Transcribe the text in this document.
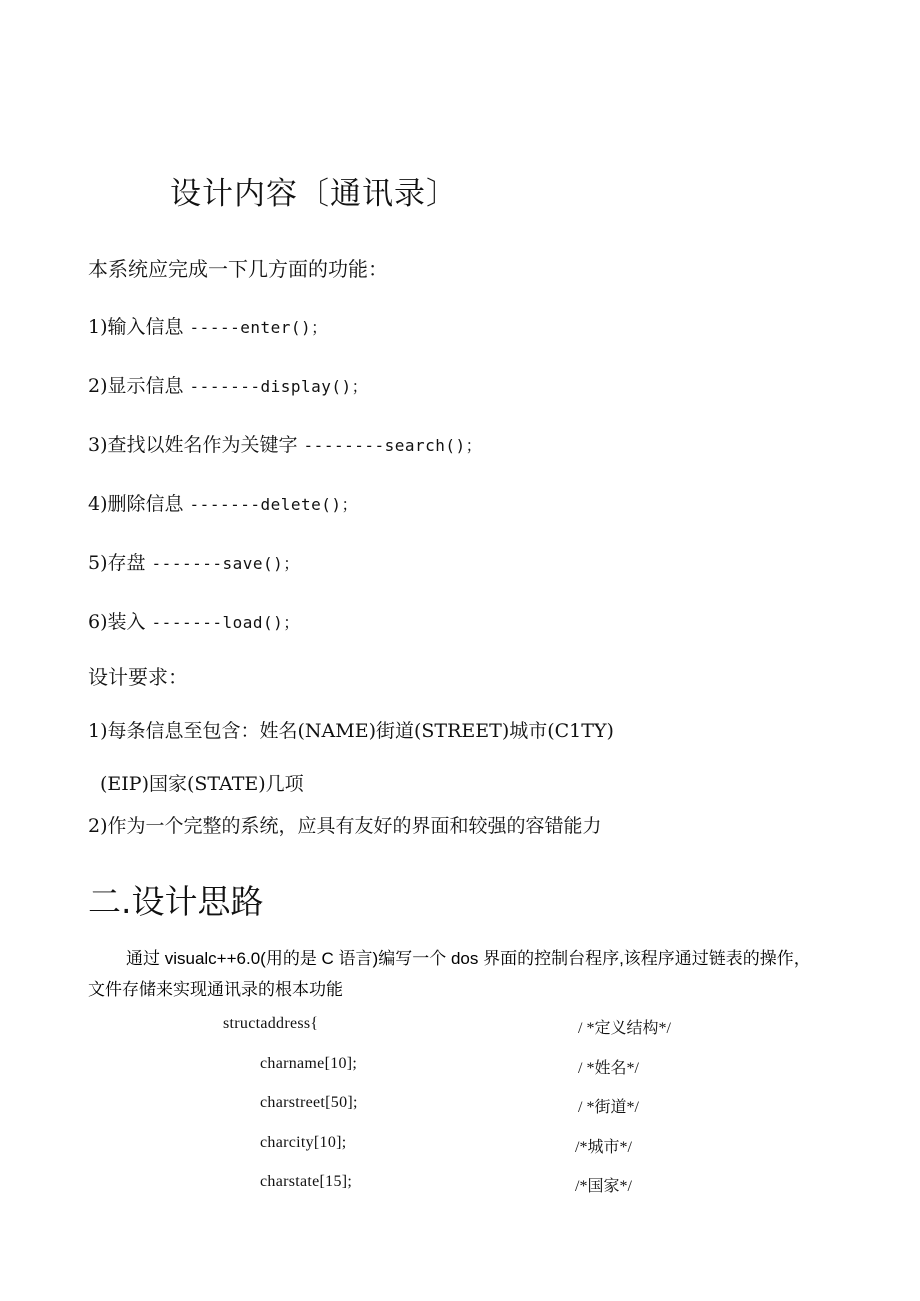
设计内容〔通讯录〕
本系统应完成一下几方面的功能：
1)输入信息 -----enter()；
2)显示信息 -------display()；
3)查找以姓名作为关键字 --------search()；
4)删除信息 -------delete()；
5)存盘 -------save()；
6)装入 -------load()；
设计要求：
1)每条信息至包含：姓名(NAME)街道(STREET)城市(C1TY)
(EIP)国家(STATE)几项
2)作为一个完整的系统，应具有友好的界面和较强的容错能力
二.设计思路
通过 visualc++6.0(用的是 C 语言)编写一个 dos 界面的控制台程序,该程序通过链表的操作，
文件存储来实现通讯录的根本功能
structaddress{	/ *定义结构*/
charname[10];	/ *姓名*/
charstreet[50];	/ *街道*/
charcity[10];	/*城市*/
charstate[15];	/*国家*/
